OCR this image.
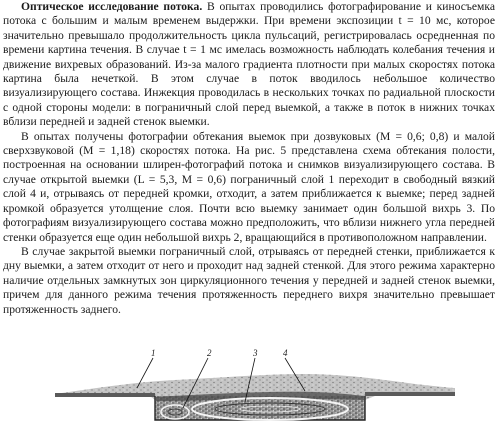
Оптическое исследование потока. В опытах проводились фотографирование и киносъемка потока с большим и малым временем выдержки. При времени экспозиции t = 10 мс, которое значительно превышало продолжительность цикла пульсаций, регистрировалась осредненная по времени картина течения. В случае t = 1 мс имелась возможность наблюдать колебания течения и движение вихревых образований. Из-за малого градиента плотности при малых скоростях потока картина была нечеткой. В этом случае в поток вводилось небольшое количество визуализирующего состава. Инжекция проводилась в нескольких точках по радиальной плоскости с одной стороны модели: в пограничный слой перед выемкой, а также в поток в нижних точках вблизи передней и задней стенок выемки.

В опытах получены фотографии обтекания выемок при дозвуковых (M = 0,6; 0,8) и малой сверхзвуковой (M = 1,18) скоростях потока. На рис. 5 представлена схема обтекания полости, построенная на основании шлирен-фотографий потока и снимков визуализирующего состава. В случае открытой выемки (L = 5,3, M = 0,6) пограничный слой 1 переходит в свободный вязкий слой 4 и, отрываясь от передней кромки, отходит, а затем приближается к выемке; перед задней кромкой образуется утолщение слоя. Почти всю выемку занимает один большой вихрь 3. По фотографиям визуализирующего состава можно предположить, что вблизи нижнего угла передней стенки образуется еще один небольшой вихрь 2, вращающийся в противоположном направлении.

В случае закрытой выемки пограничный слой, отрываясь от передней стенки, приближается к дну выемки, а затем отходит от него и проходит над задней стенкой. Для этого режима характерно наличие отдельных замкнутых зон циркуляционного течения у передней и задней стенок выемки, причем для данного режима течения протяженность переднего вихря значительно превышает протяженность заднего.

1	2	3	4
